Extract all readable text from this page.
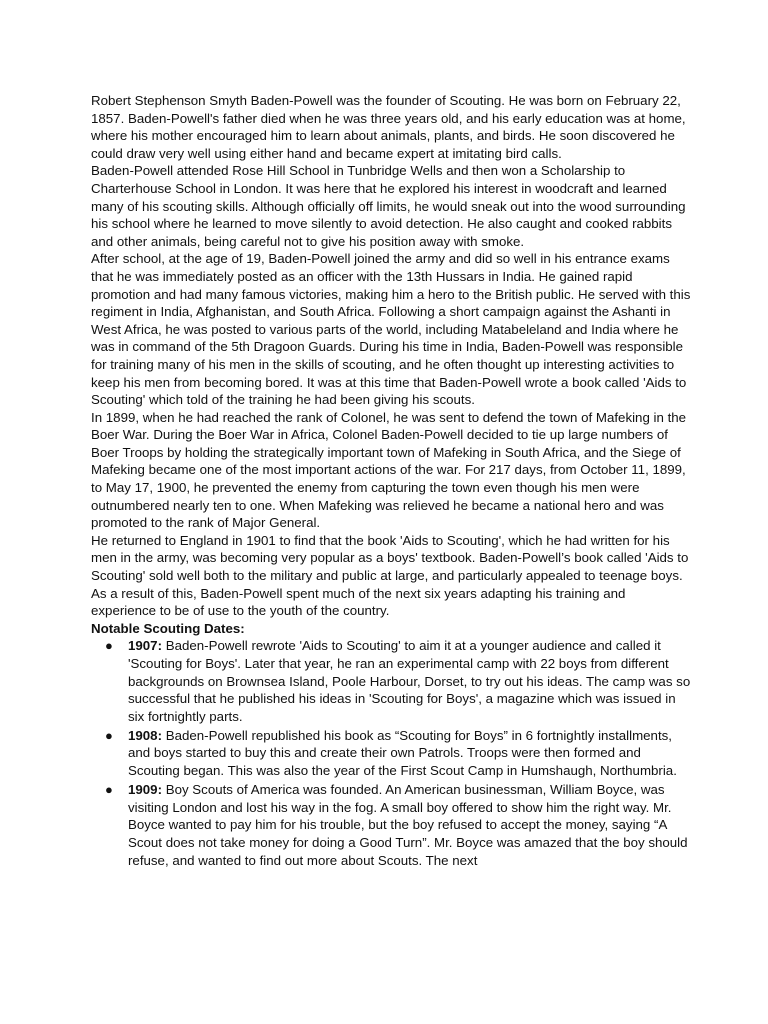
Robert Stephenson Smyth Baden-Powell was the founder of Scouting. He was born on February 22, 1857. Baden-Powell's father died when he was three years old, and his early education was at home, where his mother encouraged him to learn about animals, plants, and birds. He soon discovered he could draw very well using either hand and became expert at imitating bird calls.

Baden-Powell attended Rose Hill School in Tunbridge Wells and then won a Scholarship to Charterhouse School in London. It was here that he explored his interest in woodcraft and learned many of his scouting skills. Although officially off limits, he would sneak out into the wood surrounding his school where he learned to move silently to avoid detection. He also caught and cooked rabbits and other animals, being careful not to give his position away with smoke.

After school, at the age of 19, Baden-Powell joined the army and did so well in his entrance exams that he was immediately posted as an officer with the 13th Hussars in India. He gained rapid promotion and had many famous victories, making him a hero to the British public. He served with this regiment in India, Afghanistan, and South Africa. Following a short campaign against the Ashanti in West Africa, he was posted to various parts of the world, including Matabeleland and India where he was in command of the 5th Dragoon Guards. During his time in India, Baden-Powell was responsible for training many of his men in the skills of scouting, and he often thought up interesting activities to keep his men from becoming bored. It was at this time that Baden-Powell wrote a book called 'Aids to Scouting' which told of the training he had been giving his scouts.

In 1899, when he had reached the rank of Colonel, he was sent to defend the town of Mafeking in the Boer War. During the Boer War in Africa, Colonel Baden-Powell decided to tie up large numbers of Boer Troops by holding the strategically important town of Mafeking in South Africa, and the Siege of Mafeking became one of the most important actions of the war. For 217 days, from October 11, 1899, to May 17, 1900, he prevented the enemy from capturing the town even though his men were outnumbered nearly ten to one. When Mafeking was relieved he became a national hero and was promoted to the rank of Major General.

He returned to England in 1901 to find that the book 'Aids to Scouting', which he had written for his men in the army, was becoming very popular as a boys' textbook. Baden-Powell’s book called 'Aids to Scouting' sold well both to the military and public at large, and particularly appealed to teenage boys. As a result of this, Baden-Powell spent much of the next six years adapting his training and experience to be of use to the youth of the country.

Notable Scouting Dates:

● 1907: Baden-Powell rewrote 'Aids to Scouting' to aim it at a younger audience and called it 'Scouting for Boys'. Later that year, he ran an experimental camp with 22 boys from different backgrounds on Brownsea Island, Poole Harbour, Dorset, to try out his ideas. The camp was so successful that he published his ideas in 'Scouting for Boys', a magazine which was issued in six fortnightly parts.
● 1908: Baden-Powell republished his book as “Scouting for Boys” in 6 fortnightly installments, and boys started to buy this and create their own Patrols. Troops were then formed and Scouting began. This was also the year of the First Scout Camp in Humshaugh, Northumbria.
● 1909: Boy Scouts of America was founded. An American businessman, William Boyce, was visiting London and lost his way in the fog. A small boy offered to show him the right way. Mr. Boyce wanted to pay him for his trouble, but the boy refused to accept the money, saying “A Scout does not take money for doing a Good Turn”. Mr. Boyce was amazed that the boy should refuse, and wanted to find out more about Scouts. The next
